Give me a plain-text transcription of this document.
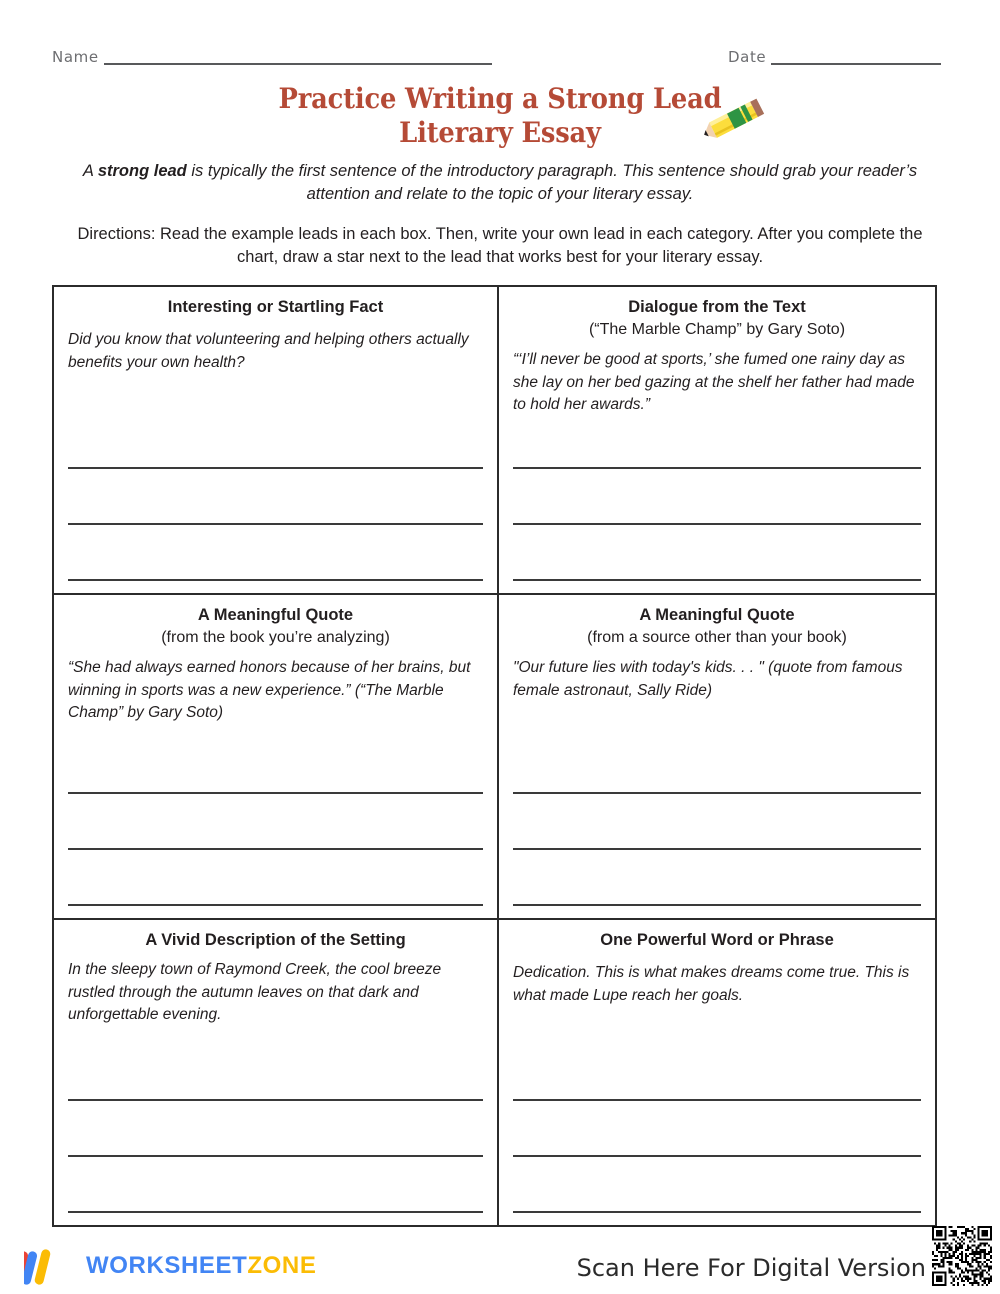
Name	Date
Practice Writing a Strong Lead
Literary Essay

A strong lead is typically the first sentence of the introductory paragraph. This sentence should grab your reader’s attention and relate to the topic of your literary essay.

Directions: Read the example leads in each box. Then, write your own lead in each category. After you complete the chart, draw a star next to the lead that works best for your literary essay.

Interesting or Startling Fact

Did you know that volunteering and helping others actually benefits your own health?

Dialogue from the Text

(“The Marble Champ” by Gary Soto)

“‘I’ll never be good at sports,’ she fumed one rainy day as she lay on her bed gazing at the shelf her father had made to hold her awards.”

A Meaningful Quote

(from the book you’re analyzing)

“She had always earned honors because of her brains, but winning in sports was a new experience.” (“The Marble Champ” by Gary Soto)

A Meaningful Quote

(from a source other than your book)

"Our future lies with today's kids. . . " (quote from famous female astronaut, Sally Ride)

A Vivid Description of the Setting

In the sleepy town of Raymond Creek, the cool breeze rustled through the autumn leaves on that dark and unforgettable evening.

One Powerful Word or Phrase

Dedication. This is what makes dreams come true. This is what made Lupe reach her goals.

WORKSHEETZONE	Scan Here For Digital Version
